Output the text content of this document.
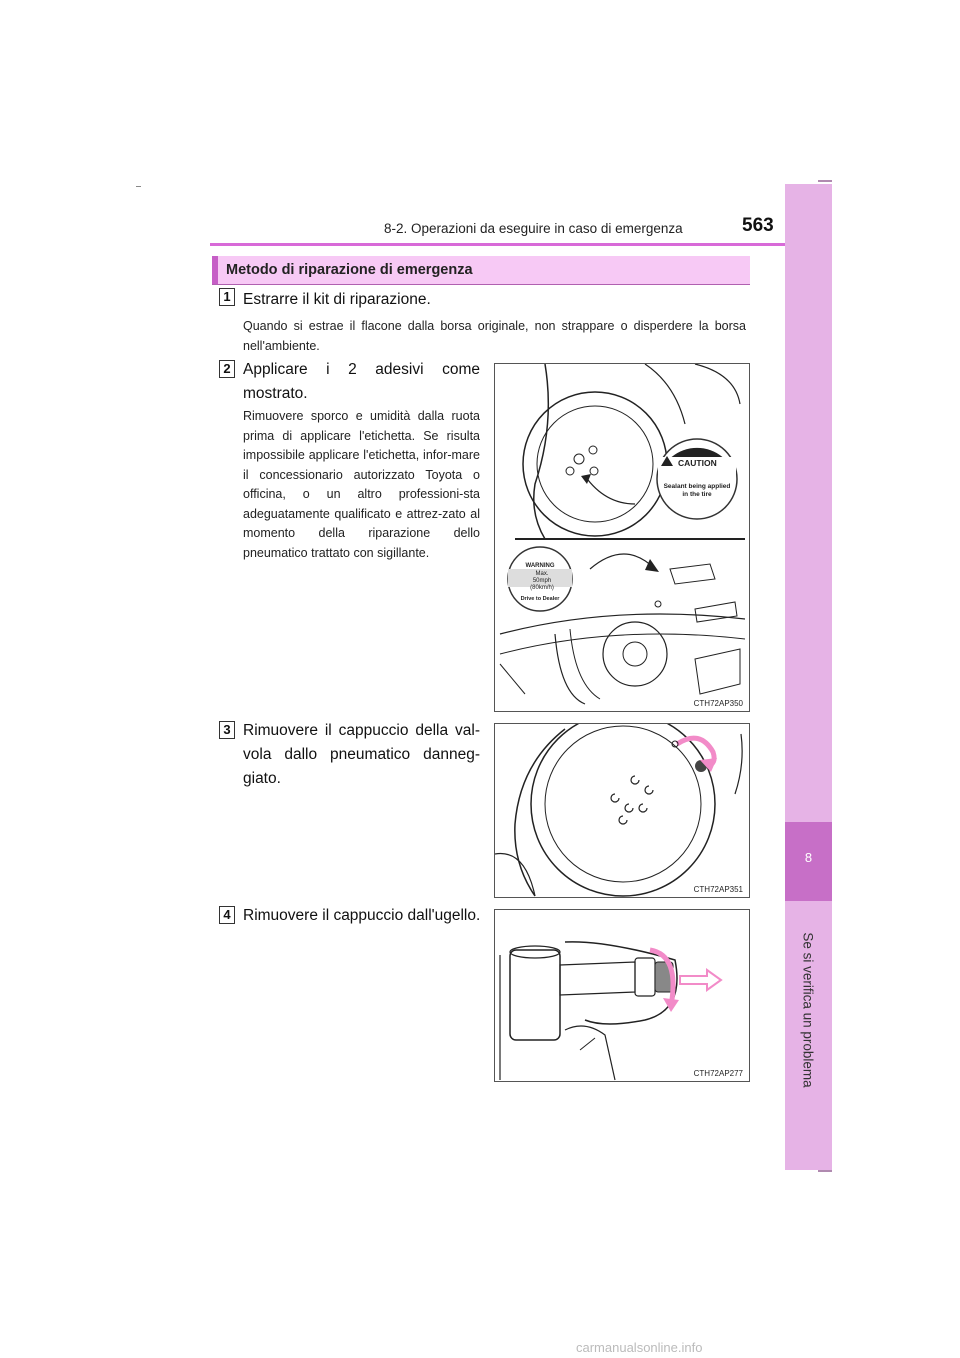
8-2. Operazioni da eseguire in caso di emergenza	563
8
Se si verifica un problema
Metodo di riparazione di emergenza
1 Estrarre il kit di riparazione.
Quando si estrae il flacone dalla borsa originale, non strappare o disperdere la borsa nell'ambiente.
2 Applicare i 2 adesivi come
mostrato.
Rimuovere sporco e umidità dalla ruota prima di applicare l'etichetta. Se risulta impossibile applicare l'etichetta, infor-mare il concessionario autorizzato Toyota o officina, o un altro professioni-sta adeguatamente qualificato e attrez-zato al momento della riparazione dello pneumatico trattato con sigillante.
CAUTION
Sealant being applied
in the tire
WARNING
Max.
50mph
(80km/h)
Drive to Dealer
CTH72AP350
3 Rimuovere il cappuccio della val-
vola dallo pneumatico danneg-
giato.
CTH72AP351
4 Rimuovere il cappuccio dall'ugello.
CTH72AP277
carmanualsonline.info
